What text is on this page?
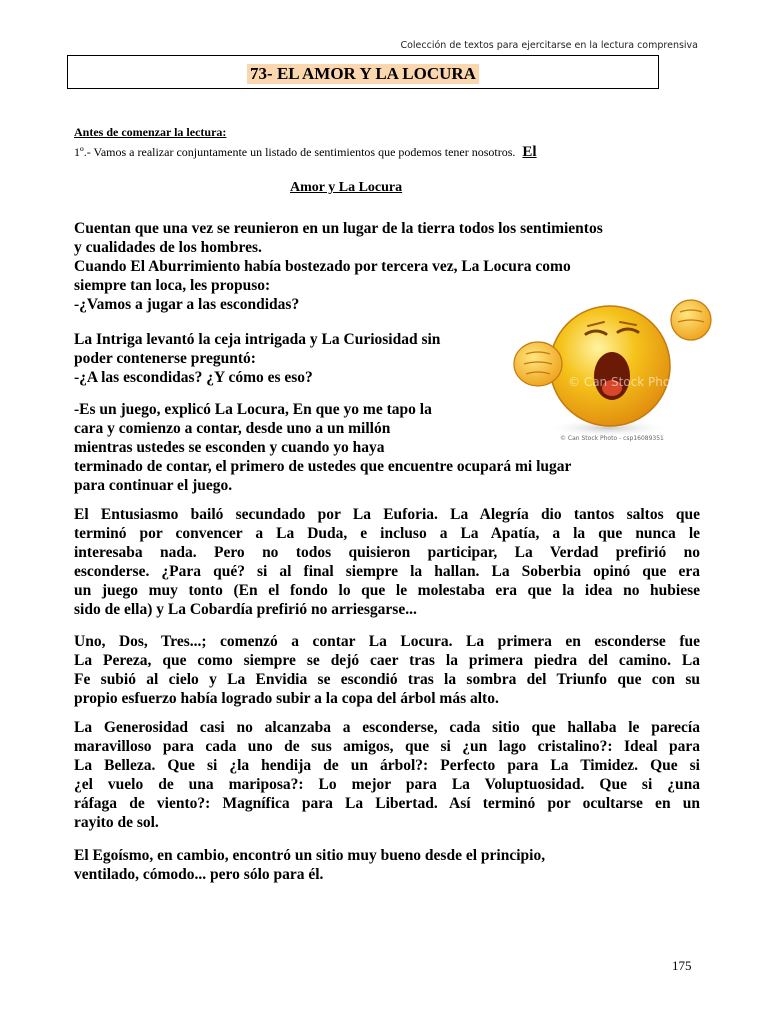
Colección de textos para ejercitarse en la lectura comprensiva
73- EL AMOR Y LA LOCURA
Antes de comenzar la lectura:
1º.- Vamos a realizar conjuntamente un listado de sentimientos que podemos tener nosotros. El
Amor y La Locura
Cuentan que una vez se reunieron en un lugar de la tierra todos los sentimientos
y cualidades de los hombres.
Cuando El Aburrimiento había bostezado por tercera vez, La Locura como
siempre tan loca, les propuso:
-¿Vamos a jugar a las escondidas?
La Intriga levantó la ceja intrigada y La Curiosidad sin
poder contenerse preguntó:
-¿A las escondidas? ¿Y cómo es eso?
-Es un juego, explicó La Locura, En que yo me tapo la
cara y comienzo a contar, desde uno a un millón
mientras ustedes se esconden y cuando yo haya
terminado de contar, el primero de ustedes que encuentre ocupará mi lugar
para continuar el juego.
El Entusiasmo bailó secundado por La Euforia. La Alegría dio tantos saltos que
terminó por convencer a La Duda, e incluso a La Apatía, a la que nunca le
interesaba nada. Pero no todos quisieron participar, La Verdad prefirió no
esconderse. ¿Para qué? si al final siempre la hallan. La Soberbia opinó que era
un juego muy tonto (En el fondo lo que le molestaba era que la idea no hubiese
sido de ella) y La Cobardía prefirió no arriesgarse...
Uno, Dos, Tres...; comenzó a contar La Locura. La primera en esconderse fue
La Pereza, que como siempre se dejó caer tras la primera piedra del camino. La
Fe subió al cielo y La Envidia se escondió tras la sombra del Triunfo que con su
propio esfuerzo había logrado subir a la copa del árbol más alto.
La Generosidad casi no alcanzaba a esconderse, cada sitio que hallaba le parecía
maravilloso para cada uno de sus amigos, que si ¿un lago cristalino?: Ideal para
La Belleza. Que si ¿la hendija de un árbol?: Perfecto para La Timidez. Que si
¿el vuelo de una mariposa?: Lo mejor para La Voluptuosidad. Que si ¿una
ráfaga de viento?: Magnífica para La Libertad. Así terminó por ocultarse en un
rayito de sol.
El Egoísmo, en cambio, encontró un sitio muy bueno desde el principio,
ventilado, cómodo... pero sólo para él.
© Can Stock Photo
© Can Stock Photo - csp16089351
175
